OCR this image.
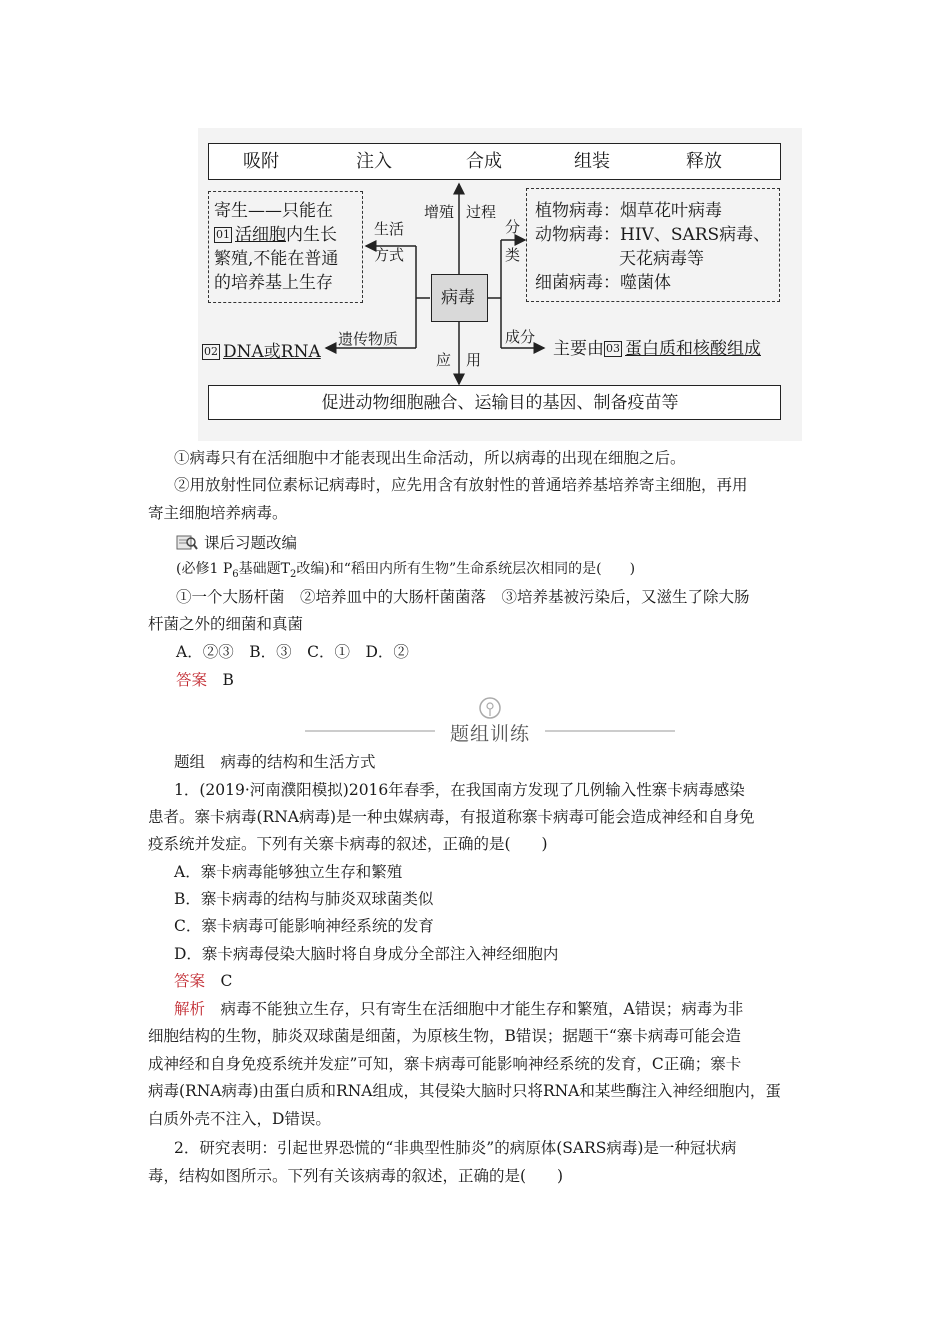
吸附	注入	合成	组装	释放
增殖 过程
生活
方式
分
类
遗传物质	成分
应 用
病毒
寄生——只能在
01 活细胞内生长
繁殖,不能在普通
的培养基上生存
植物病毒：烟草花叶病毒
动物病毒：HIV、SARS病毒、
天花病毒等
细菌病毒：噬菌体
02 DNA或RNA	主要由 03 蛋白质和核酸组成
促进动物细胞融合、运输目的基因、制备疫苗等
①病毒只有在活细胞中才能表现出生命活动，所以病毒的出现在细胞之后。
②用放射性同位素标记病毒时，应先用含有放射性的普通培养基培养寄主细胞，再用
寄主细胞培养病毒。
课后习题改编
(必修1 $P_6$基础题$T_2$改编)和“稻田内所有生物”生命系统层次相同的是(　　)
①一个大肠杆菌　②培养皿中的大肠杆菌菌落　③培养基被污染后，又滋生了除大肠
杆菌之外的细菌和真菌
A．②③　B．③　C．①　D．②
答案　 B
题组训练
题组　病毒的结构和生活方式
1．(2019·河南濮阳模拟)2016年春季，在我国南方发现了几例输入性寨卡病毒感染
患者。寨卡病毒(RNA病毒)是一种虫媒病毒，有报道称寨卡病毒可能会造成神经和自身免
疫系统并发症。下列有关寨卡病毒的叙述，正确的是(　　)
A．寨卡病毒能够独立生存和繁殖
B．寨卡病毒的结构与肺炎双球菌类似
C．寨卡病毒可能影响神经系统的发育
D．寨卡病毒侵染大脑时将自身成分全部注入神经细胞内
答案　 C
解析　 病毒不能独立生存，只有寄生在活细胞中才能生存和繁殖，A错误；病毒为非
细胞结构的生物，肺炎双球菌是细菌，为原核生物，B错误；据题干“寨卡病毒可能会造
成神经和自身免疫系统并发症”可知，寨卡病毒可能影响神经系统的发育，C正确；寨卡
病毒(RNA病毒)由蛋白质和RNA组成，其侵染大脑时只将RNA和某些酶注入神经细胞内，蛋
白质外壳不注入，D错误。
2．研究表明：引起世界恐慌的“非典型性肺炎”的病原体(SARS病毒)是一种冠状病
毒，结构如图所示。下列有关该病毒的叙述，正确的是(　　)
